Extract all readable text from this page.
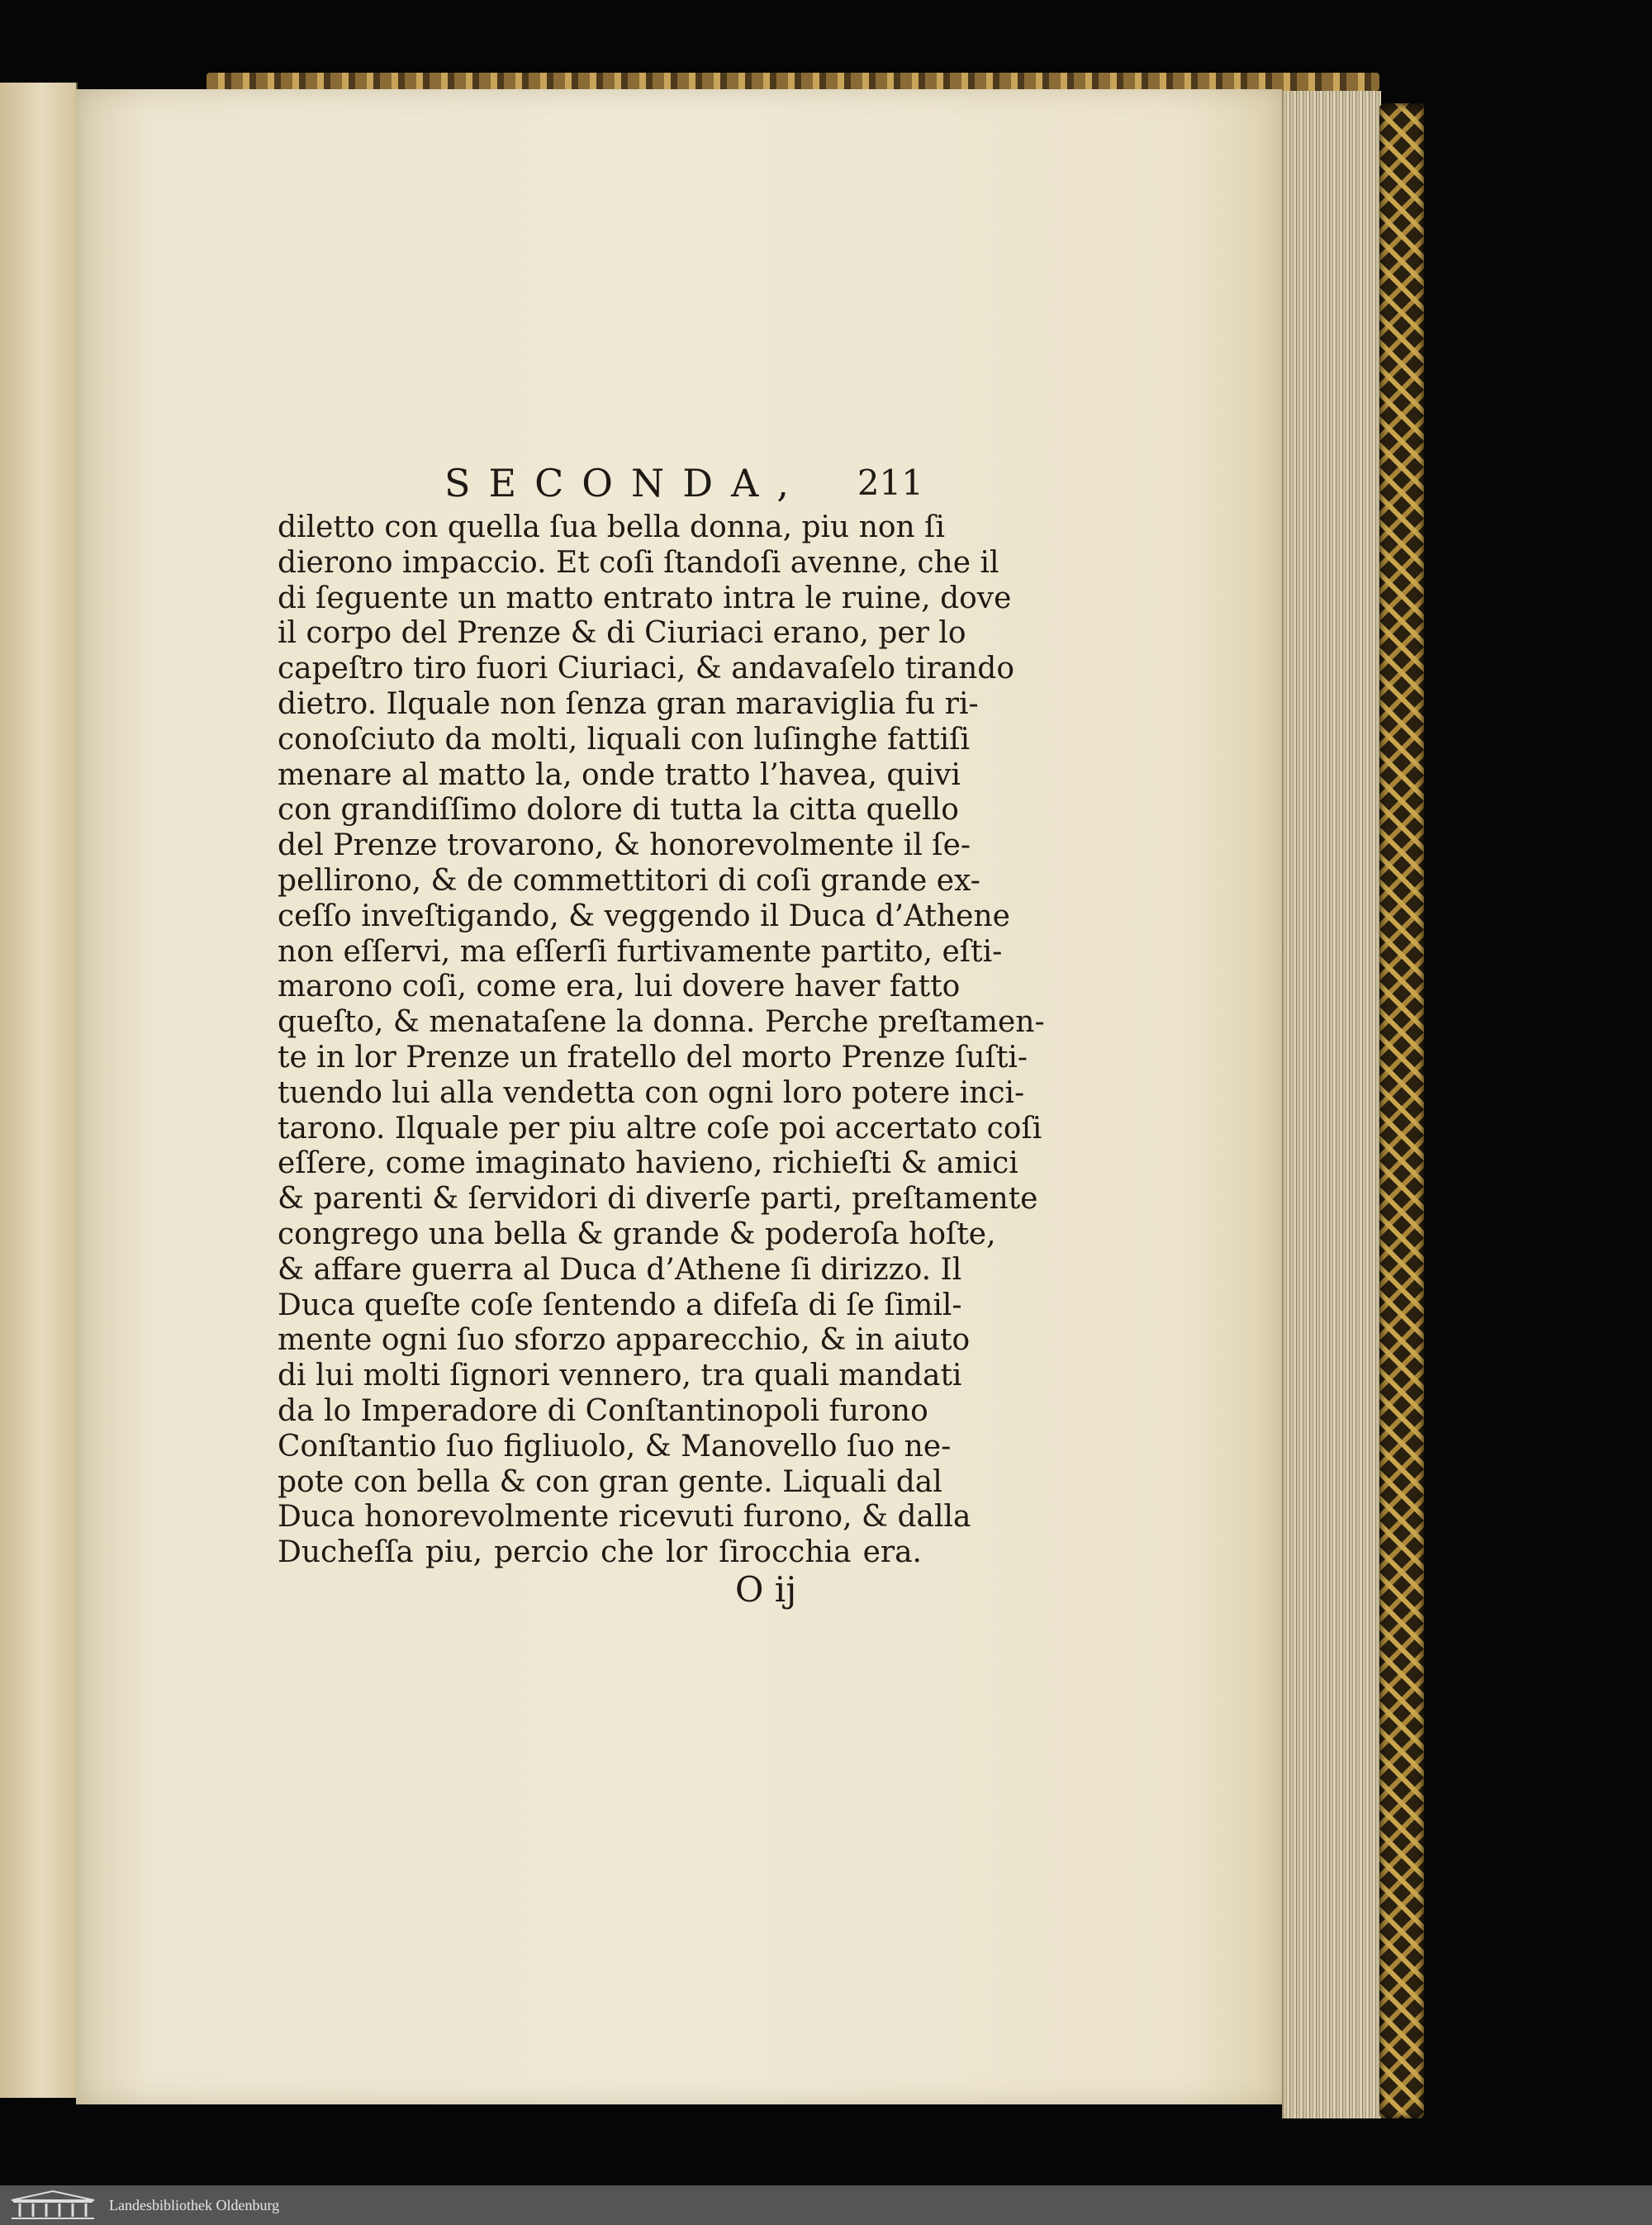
SECONDA, 211
diletto con quella ſua bella donna, piu non ſi
dierono impaccio. Et coſi ſtandoſi avenne, che il
di ſeguente un matto entrato intra le ruine, dove
il corpo del Prenze & di Ciuriaci erano, per lo
capeſtro tiro fuori Ciuriaci, & andavaſelo tirando
dietro. Ilquale non ſenza gran maraviglia fu ri-
conoſciuto da molti, liquali con luſinghe fattiſi
menare al matto la, onde tratto l’havea, quivi
con grandiſſimo dolore di tutta la citta quello
del Prenze trovarono, & honorevolmente il ſe-
pellirono, & de commettitori di coſi grande ex-
ceſſo inveſtigando, & veggendo il Duca d’Athene
non eſſervi, ma eſſerſi furtivamente partito, eſti-
marono coſi, come era, lui dovere haver fatto
queſto, & menataſene la donna. Perche preſtamen-
te in lor Prenze un fratello del morto Prenze ſuſti-
tuendo lui alla vendetta con ogni loro potere inci-
tarono. Ilquale per piu altre coſe poi accertato coſi
eſſere, come imaginato havieno, richieſti & amici
& parenti & ſervidori di diverſe parti, preſtamente
congrego una bella & grande & poderoſa hoſte,
& affare guerra al Duca d’Athene ſi dirizzo. Il
Duca queſte coſe ſentendo a difeſa di ſe ſimil-
mente ogni ſuo sforzo apparecchio, & in aiuto
di lui molti ſignori vennero, tra quali mandati
da lo Imperadore di Conſtantinopoli furono
Conſtantio ſuo figliuolo, & Manovello ſuo ne-
pote con bella & con gran gente. Liquali dal
Duca honorevolmente ricevuti furono, & dalla
Ducheſſa piu, percio che lor ſirocchia era.
O ij
Landesbibliothek Oldenburg
